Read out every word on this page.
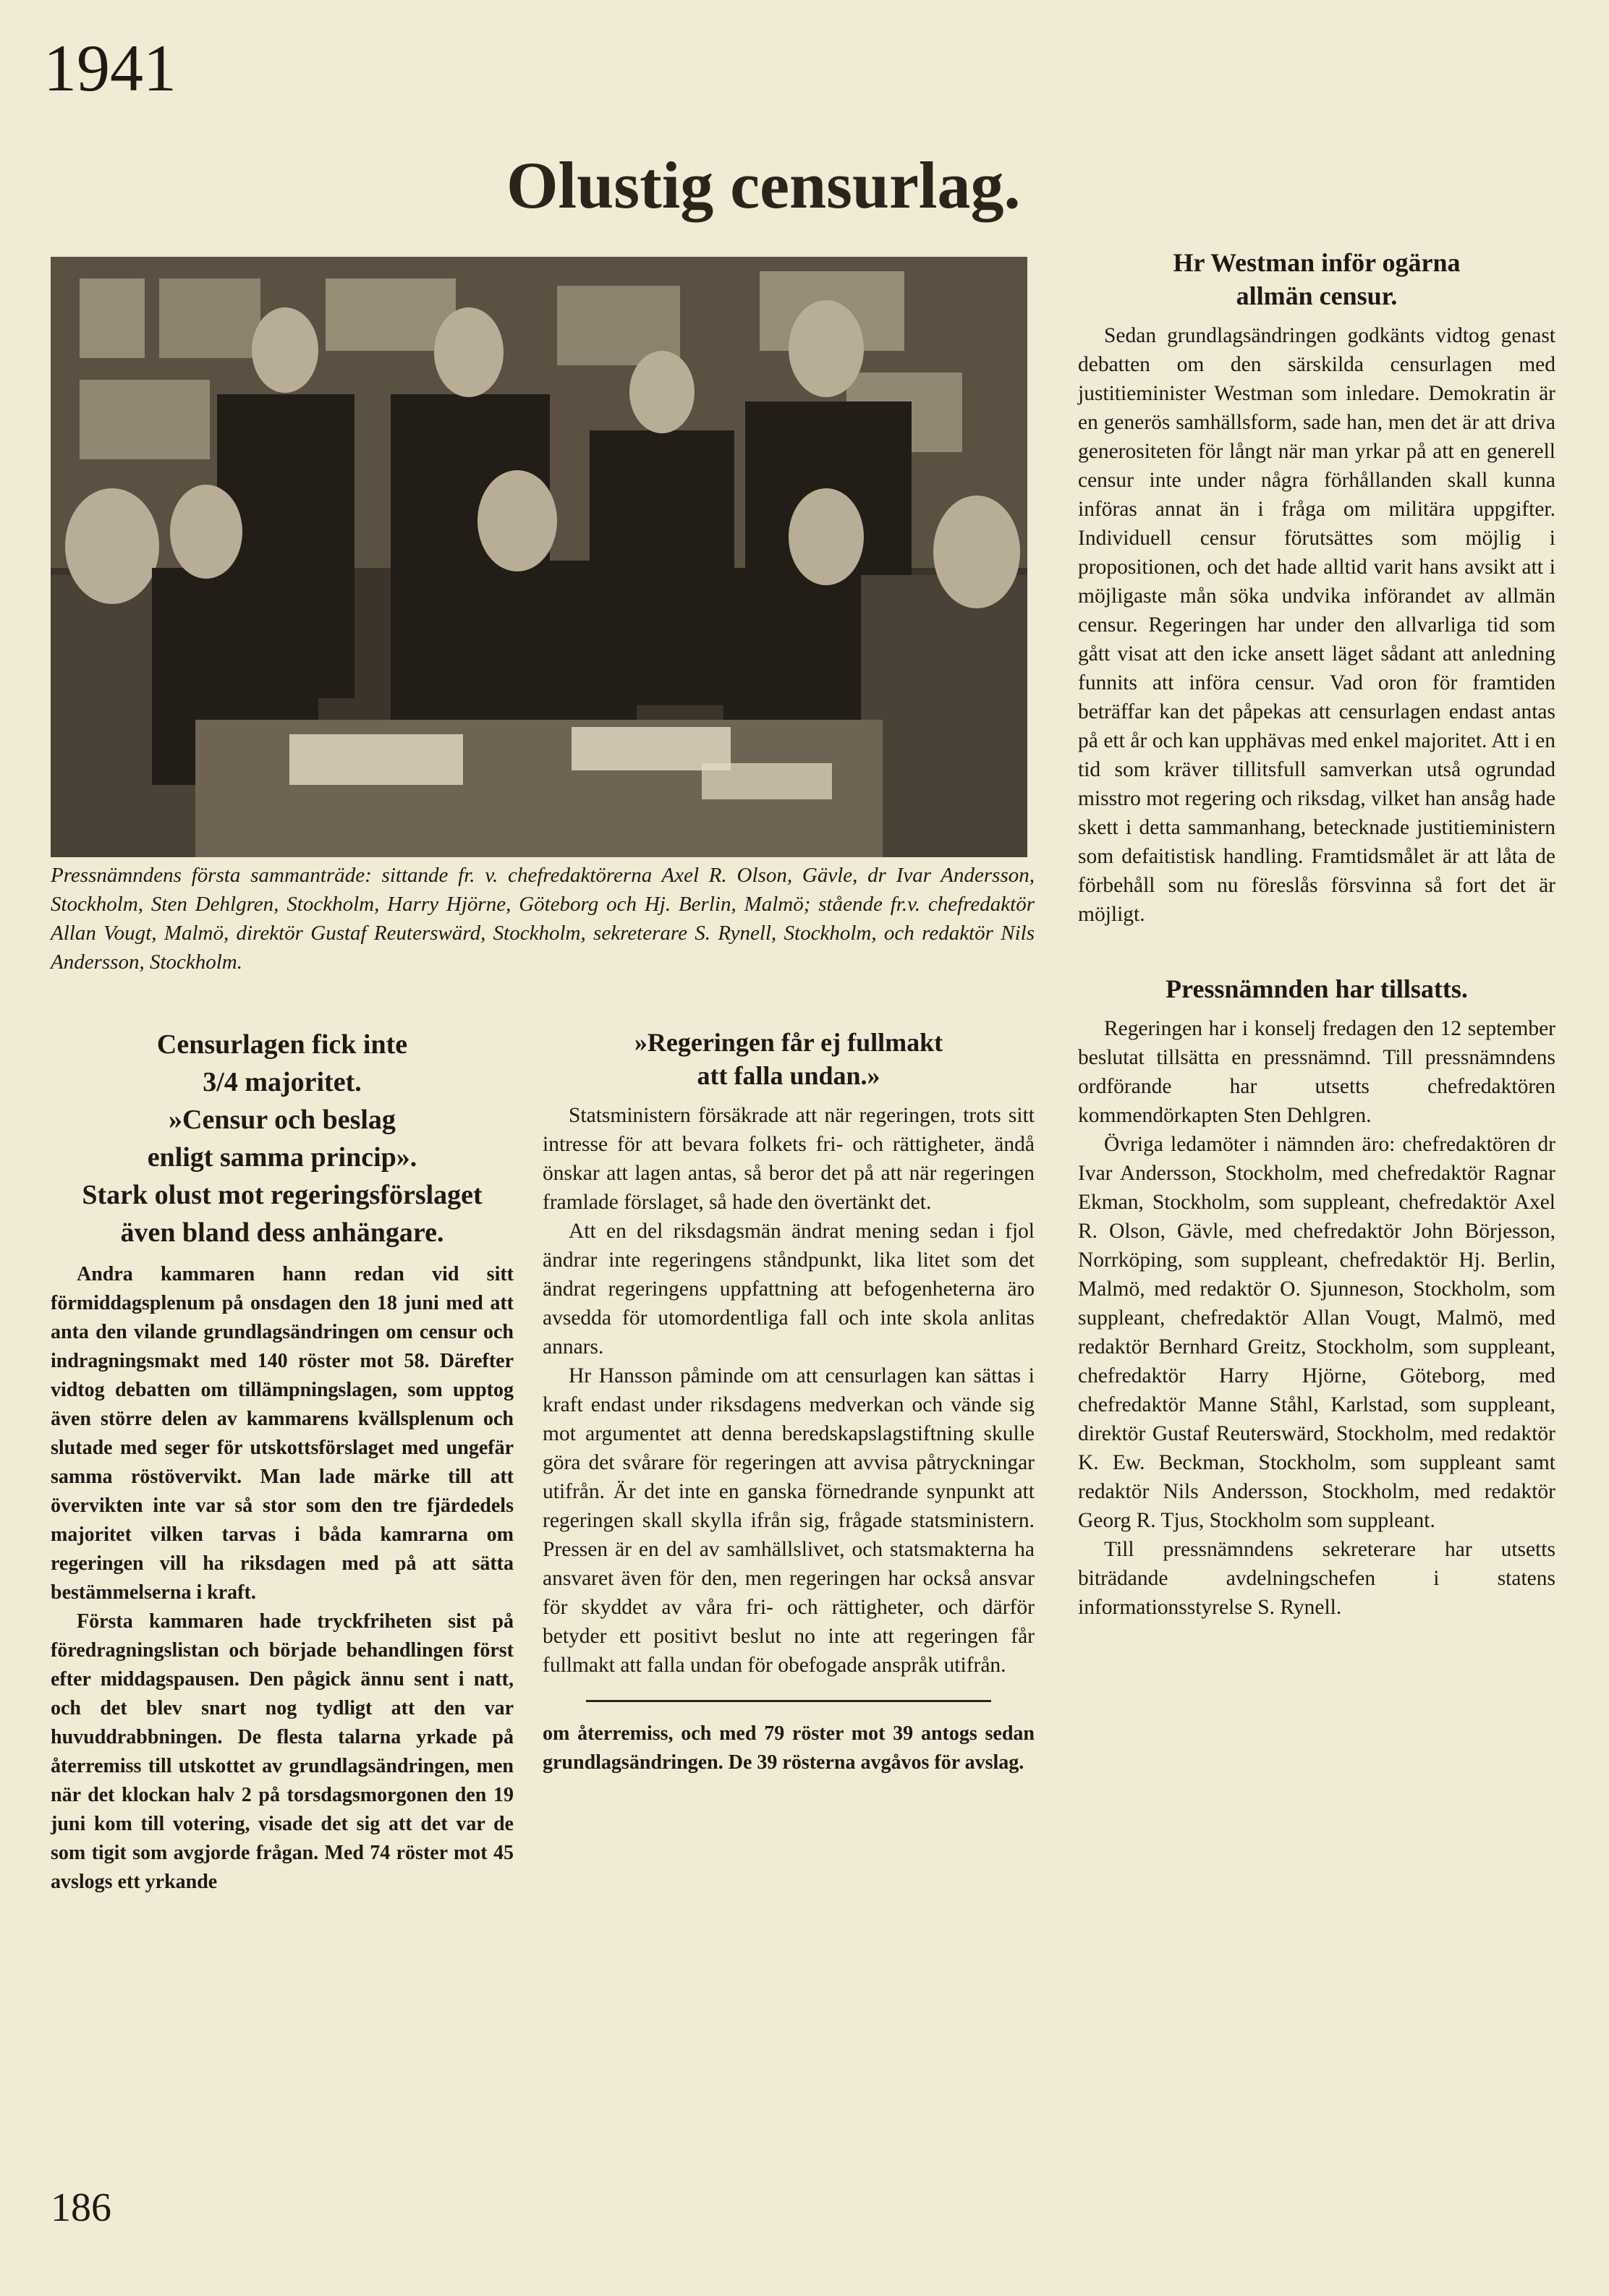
1941
Olustig censurlag.
Pressnämndens första sammanträde: sittande fr. v. chefredaktörerna Axel R. Olson, Gävle, dr Ivar Andersson, Stockholm, Sten Dehlgren, Stockholm, Harry Hjörne, Göteborg och Hj. Berlin, Malmö; stående fr.v. chefredaktör Allan Vougt, Malmö, direktör Gustaf Reuterswärd, Stockholm, sekreterare S. Rynell, Stockholm, och redaktör Nils Andersson, Stockholm.

Censurlagen fick inte

3/4 majoritet.

»Censur och beslag

enligt samma princip».

Stark olust mot regeringsförslaget

även bland dess anhängare.

Andra kammaren hann redan vid sitt förmiddagsplenum på onsdagen den 18 juni med att anta den vilande grundlagsändringen om censur och indragningsmakt med 140 röster mot 58. Därefter vidtog debatten om tillämpningslagen, som upptog även större delen av kammarens kvällsplenum och slutade med seger för utskottsförslaget med ungefär samma röstövervikt. Man lade märke till att övervikten inte var så stor som den tre fjärdedels majoritet vilken tarvas i båda kamrarna om regeringen vill ha riksdagen med på att sätta bestämmelserna i kraft.

Första kammaren hade tryckfriheten sist på föredragningslistan och började behandlingen först efter middagspausen. Den pågick ännu sent i natt, och det blev snart nog tydligt att den var huvuddrabbningen. De flesta talarna yrkade på återremiss till utskottet av grundlagsändringen, men när det klockan halv 2 på torsdagsmorgonen den 19 juni kom till votering, visade det sig att det var de som tigit som avgjorde frågan. Med 74 röster mot 45 avslogs ett yrkande

»Regeringen får ej fullmakt

att falla undan.»

Statsministern försäkrade att när regeringen, trots sitt intresse för att bevara folkets fri- och rättigheter, ändå önskar att lagen antas, så beror det på att när regeringen framlade förslaget, så hade den övertänkt det.

Att en del riksdagsmän ändrat mening sedan i fjol ändrar inte regeringens ståndpunkt, lika litet som det ändrat regeringens uppfattning att befogenheterna äro avsedda för utomordentliga fall och inte skola anlitas annars.

Hr Hansson påminde om att censurlagen kan sättas i kraft endast under riksdagens medverkan och vände sig mot argumentet att denna beredskapslagstiftning skulle göra det svårare för regeringen att avvisa påtryckningar utifrån. Är det inte en ganska förnedrande synpunkt att regeringen skall skylla ifrån sig, frågade statsministern. Pressen är en del av samhällslivet, och statsmakterna ha ansvaret även för den, men regeringen har också ansvar för skyddet av våra fri- och rättigheter, och därför betyder ett positivt beslut no inte att regeringen får fullmakt att falla undan för obefogade anspråk utifrån.

om återremiss, och med 79 röster mot 39 antogs sedan grundlagsändringen. De 39 rösterna avgåvos för avslag.

Hr Westman inför ogärna

allmän censur.

Sedan grundlagsändringen godkänts vidtog genast debatten om den särskilda censurlagen med justitieminister Westman som inledare. Demokratin är en generös samhällsform, sade han, men det är att driva generositeten för långt när man yrkar på att en generell censur inte under några förhållanden skall kunna införas annat än i fråga om militära uppgifter. Individuell censur förutsättes som möjlig i propositionen, och det hade alltid varit hans avsikt att i möjligaste mån söka undvika införandet av allmän censur. Regeringen har under den allvarliga tid som gått visat att den icke ansett läget sådant att anledning funnits att införa censur. Vad oron för framtiden beträffar kan det påpekas att censurlagen endast antas på ett år och kan upphävas med enkel majoritet. Att i en tid som kräver tillitsfull samverkan utså ogrundad misstro mot regering och riksdag, vilket han ansåg hade skett i detta sammanhang, betecknade justitieministern som defaitistisk handling. Framtidsmålet är att låta de förbehåll som nu föreslås försvinna så fort det är möjligt.

Pressnämnden har tillsatts.

Regeringen har i konselj fredagen den 12 september beslutat tillsätta en pressnämnd. Till pressnämndens ordförande har utsetts chefredaktören kommendörkapten Sten Dehlgren.

Övriga ledamöter i nämnden äro: chefredaktören dr Ivar Andersson, Stockholm, med chefredaktör Ragnar Ekman, Stockholm, som suppleant, chefredaktör Axel R. Olson, Gävle, med chefredaktör John Börjesson, Norrköping, som suppleant, chefredaktör Hj. Berlin, Malmö, med redaktör O. Sjunneson, Stockholm, som suppleant, chefredaktör Allan Vougt, Malmö, med redaktör Bernhard Greitz, Stockholm, som suppleant, chefredaktör Harry Hjörne, Göteborg, med chefredaktör Manne Ståhl, Karlstad, som suppleant, direktör Gustaf Reuterswärd, Stockholm, med redaktör K. Ew. Beckman, Stockholm, som suppleant samt redaktör Nils Andersson, Stockholm, med redaktör Georg R. Tjus, Stockholm som suppleant.

Till pressnämndens sekreterare har utsetts biträdande avdelningschefen i statens informationsstyrelse S. Rynell.

186
